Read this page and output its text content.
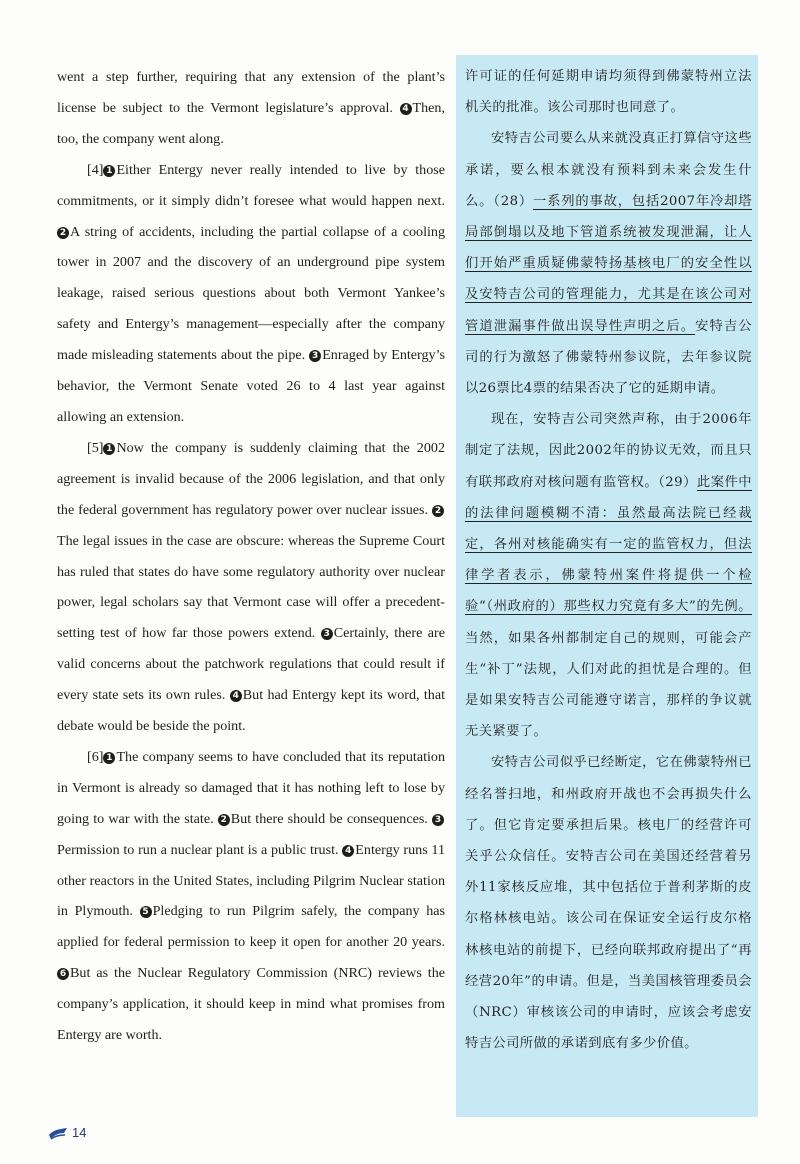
went a step further, requiring that any extension of the plant’s license be subject to the Vermont legislature’s approval. 4 Then, too, the company went along.

[4] 1 Either Entergy never really intended to live by those commitments, or it simply didn’t foresee what would happen next. 2 A string of accidents, including the partial collapse of a cooling tower in 2007 and the discovery of an underground pipe system leakage, raised serious questions about both Vermont Yankee’s safety and Entergy’s management—especially after the company made misleading statements about the pipe. 3 Enraged by Entergy’s behavior, the Vermont Senate voted 26 to 4 last year against allowing an extension.

[5] 1 Now the company is suddenly claiming that the 2002 agreement is invalid because of the 2006 legislation, and that only the federal government has regulatory power over nuclear issues. 2The legal issues in the case are obscure: whereas the Supreme Court has ruled that states do have some regulatory authority over nuclear power, legal scholars say that Vermont case will offer a precedent-setting test of how far those powers extend. 3 Certainly, there are valid concerns about the patchwork regulations that could result if every state sets its own rules. 4 But had Entergy kept its word, that debate would be beside the point.

[6] 1 The company seems to have concluded that its reputation in Vermont is already so damaged that it has nothing left to lose by going to war with the state. 2 But there should be consequences. 3Permission to run a nuclear plant is a public trust. 4 Entergy runs 11 other reactors in the United States, including Pilgrim Nuclear station in Plymouth. 5 Pledging to run Pilgrim safely, the company has applied for federal permission to keep it open for another 20 years. 6 But as the Nuclear Regulatory Commission (NRC) reviews the company’s application, it should keep in mind what promises from Entergy are worth.

许可证的任何延期申请均须得到佛蒙特州立法机关的批准。该公司那时也同意了。

安特吉公司要么从来就没真正打算信守这些承诺，要么根本就没有预料到未来会发生什么。（28）一系列的事故，包括2007年冷却塔局部倒塌以及地下管道系统被发现泄漏，让人们开始严重质疑佛蒙特扬基核电厂的安全性以及安特吉公司的管理能力，尤其是在该公司对管道泄漏事件做出误导性声明之后。安特吉公司的行为激怒了佛蒙特州参议院，去年参议院以26票比4票的结果否决了它的延期申请。

现在，安特吉公司突然声称，由于2006年制定了法规，因此2002年的协议无效，而且只有联邦政府对核问题有监管权。（29）此案件中的法律问题模糊不清：虽然最高法院已经裁定，各州对核能确实有一定的监管权力，但法律学者表示，佛蒙特州案件将提供一个检验“（州政府的）那些权力究竟有多大”的先例。当然，如果各州都制定自己的规则，可能会产生“补丁”法规，人们对此的担忧是合理的。但是如果安特吉公司能遵守诺言，那样的争议就无关紧要了。

安特吉公司似乎已经断定，它在佛蒙特州已经名誉扫地，和州政府开战也不会再损失什么了。但它肯定要承担后果。核电厂的经营许可关乎公众信任。安特吉公司在美国还经营着另外11家核反应堆，其中包括位于普利茅斯的皮尔格林核电站。该公司在保证安全运行皮尔格林核电站的前提下，已经向联邦政府提出了“再经营20年”的申请。但是，当美国核管理委员会（NRC）审核该公司的申请时，应该会考虑安特吉公司所做的承诺到底有多少价值。

14
